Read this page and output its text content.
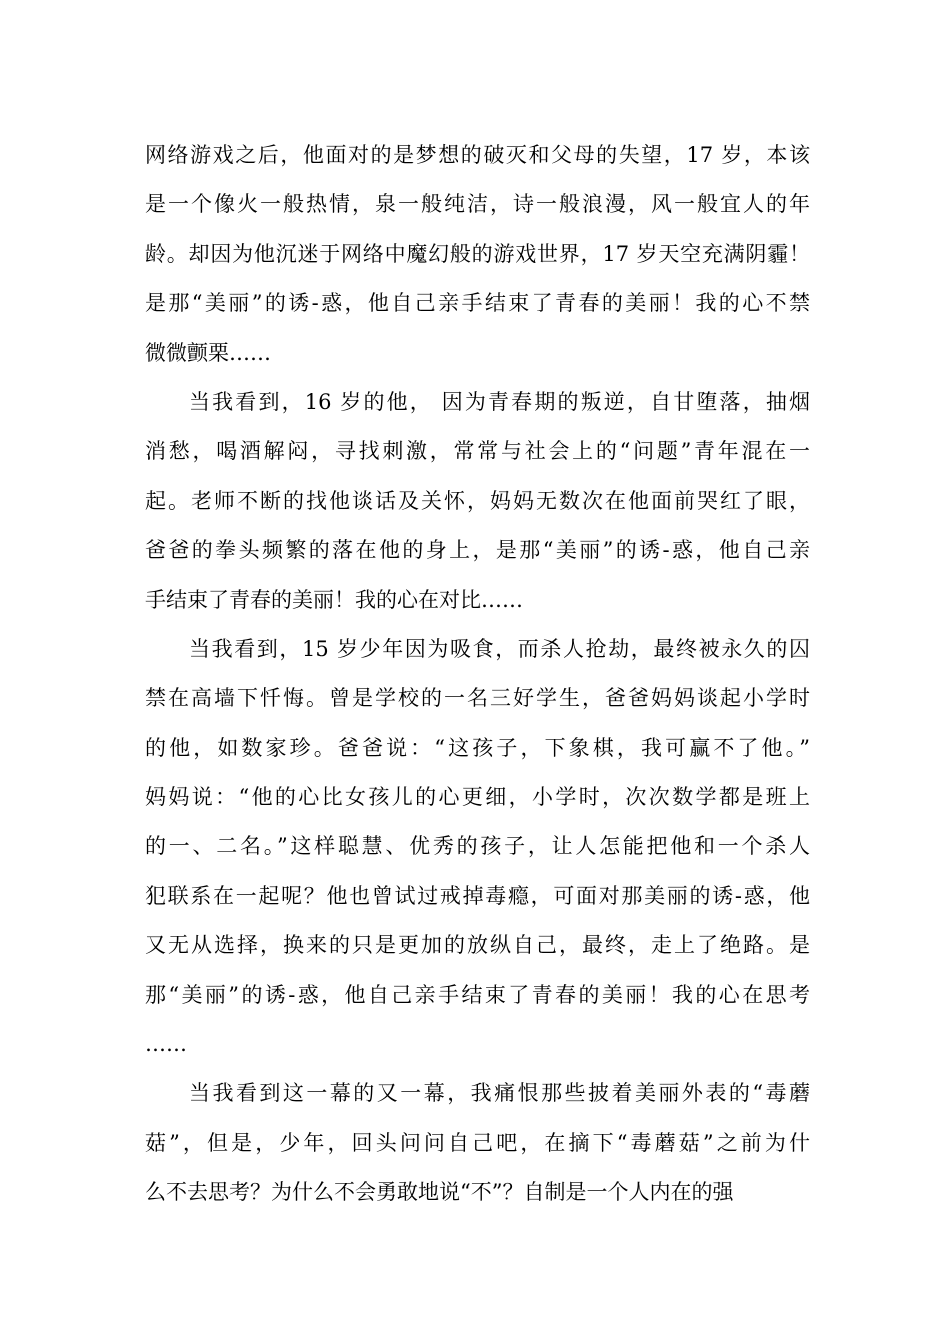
网络游戏之后，他面对的是梦想的破灭和父母的失望，17 岁，本该
是一个像火一般热情，泉一般纯洁，诗一般浪漫，风一般宜人的年
龄。却因为他沉迷于网络中魔幻般的游戏世界，17 岁天空充满阴霾！
是那“美丽”的诱-惑，他自己亲手结束了青春的美丽！我的心不禁
微微颤栗……
当我看到，16 岁的他， 因为青春期的叛逆，自甘堕落，抽烟
消愁，喝酒解闷，寻找刺激，常常与社会上的“问题”青年混在一
起。老师不断的找他谈话及关怀，妈妈无数次在他面前哭红了眼，
爸爸的拳头频繁的落在他的身上，是那“美丽”的诱-惑，他自己亲
手结束了青春的美丽！我的心在对比……
当我看到，15 岁少年因为吸食，而杀人抢劫，最终被永久的囚
禁在高墙下忏悔。曾是学校的一名三好学生，爸爸妈妈谈起小学时
的他，如数家珍。爸爸说：“这孩子，下象棋，我可赢不了他。”
妈妈说：“他的心比女孩儿的心更细，小学时，次次数学都是班上
的一、二名。”这样聪慧、优秀的孩子，让人怎能把他和一个杀人
犯联系在一起呢？他也曾试过戒掉毒瘾，可面对那美丽的诱-惑，他
又无从选择，换来的只是更加的放纵自己，最终，走上了绝路。是
那“美丽”的诱-惑，他自己亲手结束了青春的美丽！我的心在思考
……
当我看到这一幕的又一幕，我痛恨那些披着美丽外表的“毒蘑
菇”，但是，少年，回头问问自己吧，在摘下“毒蘑菇”之前为什
么不去思考？为什么不会勇敢地说“不”？自制是一个人内在的强
